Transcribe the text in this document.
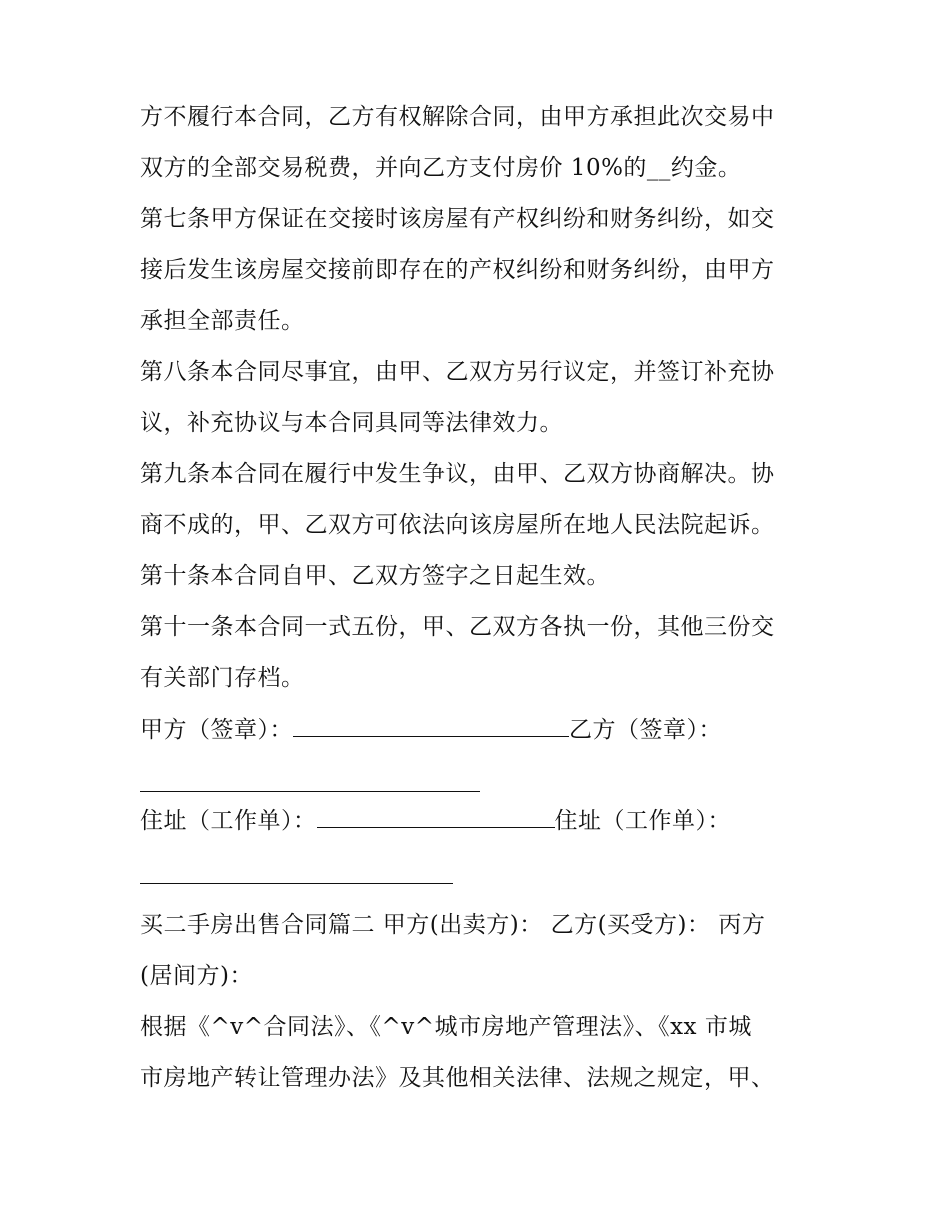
方不履行本合同，乙方有权解除合同，由甲方承担此次交易中
双方的全部交易税费，并向乙方支付房价 10%的__约金。
第七条甲方保证在交接时该房屋有产权纠纷和财务纠纷，如交
接后发生该房屋交接前即存在的产权纠纷和财务纠纷，由甲方
承担全部责任。
第八条本合同尽事宜，由甲、乙双方另行议定，并签订补充协
议，补充协议与本合同具同等法律效力。
第九条本合同在履行中发生争议，由甲、乙双方协商解决。协
商不成的，甲、乙双方可依法向该房屋所在地人民法院起诉。
第十条本合同自甲、乙双方签字之日起生效。
第十一条本合同一式五份，甲、乙双方各执一份，其他三份交
有关部门存档。
甲方（签章）：	乙方（签章）：
住址（工作单）：	住址（工作单）：
买二手房出售合同篇二 甲方(出卖方)： 乙方(买受方)： 丙方
(居间方)：
根据《^v^合同法》、《^v^城市房地产管理法》、《xx 市城
市房地产转让管理办法》及其他相关法律、法规之规定，甲、
